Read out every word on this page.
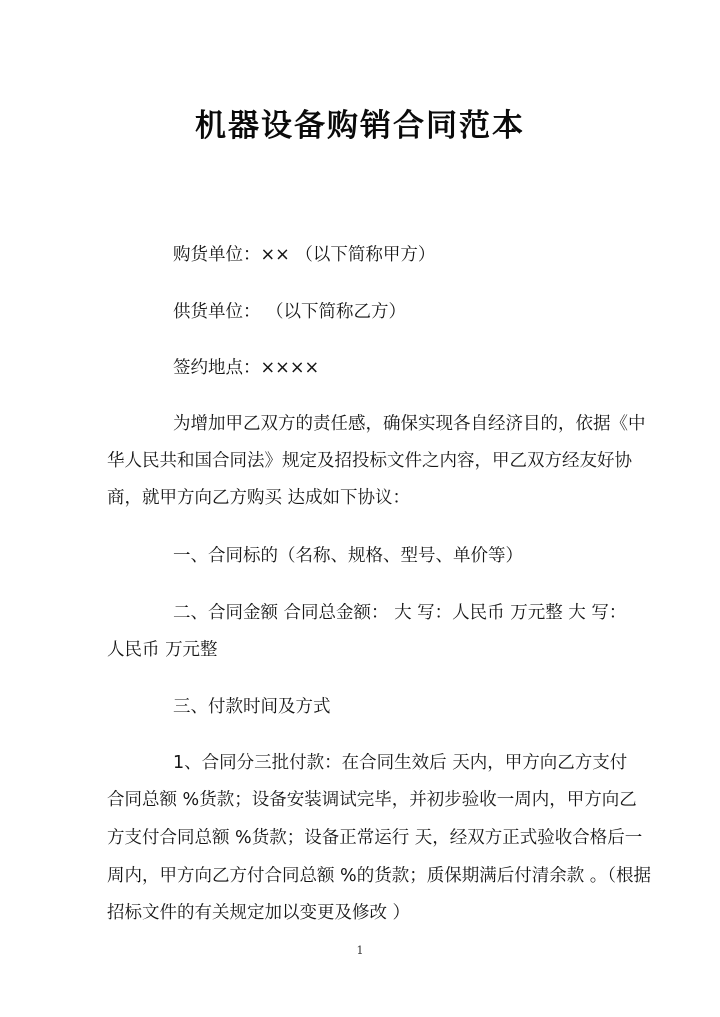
机器设备购销合同范本
购货单位：×× （以下简称甲方）
供货单位： （以下简称乙方）
签约地点：××××
为增加甲乙双方的责任感，确保实现各自经济目的，依据《中
华人民共和国合同法》规定及招投标文件之内容，甲乙双方经友好协
商，就甲方向乙方购买 达成如下协议：
一、合同标的（名称、规格、型号、单价等）
二、合同金额 合同总金额： 大 写：人民币 万元整 大 写：
人民币 万元整
三、付款时间及方式
1、合同分三批付款：在合同生效后 天内，甲方向乙方支付
合同总额 %货款；设备安装调试完毕，并初步验收一周内，甲方向乙
方支付合同总额 %货款；设备正常运行 天，经双方正式验收合格后一
周内，甲方向乙方付合同总额 %的货款；质保期满后付清余款 。（根据
招标文件的有关规定加以变更及修改 ）
1
